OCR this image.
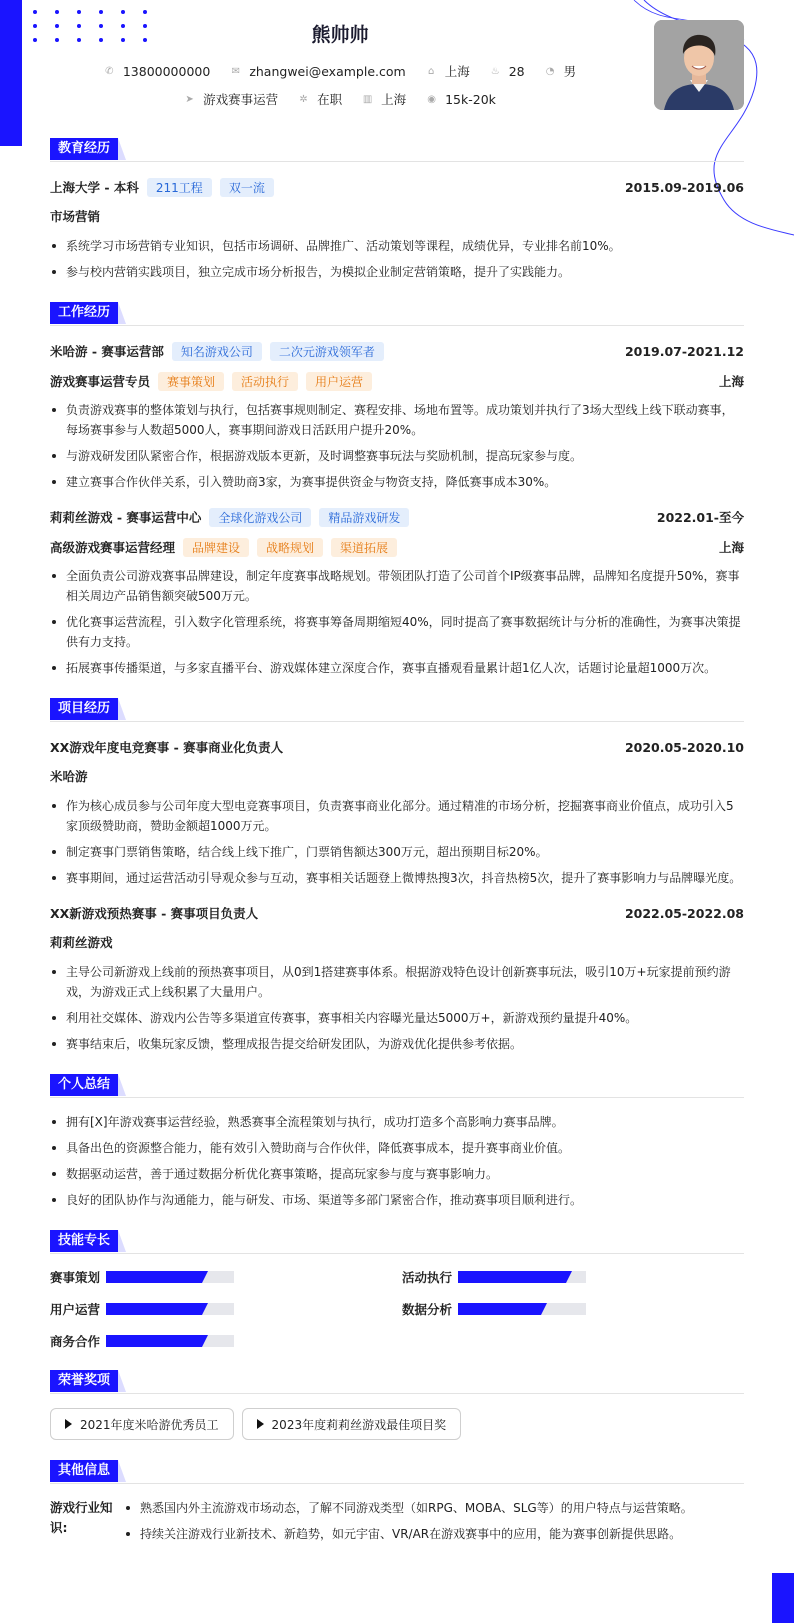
熊帅帅
✆ 13800000000 ✉ zhangwei@example.com ⌂ 上海 ♨ 28 ◔ 男
➤ 游戏赛事运营 ✲ 在职 ▥ 上海 ◉ 15k-20k
教育经历
上海大学 - 本科	211工程	双一流	2015.09-2019.06
市场营销
系统学习市场营销专业知识，包括市场调研、品牌推广、活动策划等课程，成绩优异，专业排名前10%。
参与校内营销实践项目，独立完成市场分析报告，为模拟企业制定营销策略，提升了实践能力。
工作经历
米哈游 - 赛事运营部	知名游戏公司	二次元游戏领军者	2019.07-2021.12
游戏赛事运营专员	赛事策划	活动执行	用户运营	上海
负责游戏赛事的整体策划与执行，包括赛事规则制定、赛程安排、场地布置等。成功策划并执行了3场大型线上线下联动赛事，每场赛事参与人数超5000人，赛事期间游戏日活跃用户提升20%。
与游戏研发团队紧密合作，根据游戏版本更新，及时调整赛事玩法与奖励机制，提高玩家参与度。
建立赛事合作伙伴关系，引入赞助商3家，为赛事提供资金与物资支持，降低赛事成本30%。
莉莉丝游戏 - 赛事运营中心	全球化游戏公司	精品游戏研发	2022.01-至今
高级游戏赛事运营经理	品牌建设	战略规划	渠道拓展	上海
全面负责公司游戏赛事品牌建设，制定年度赛事战略规划。带领团队打造了公司首个IP级赛事品牌，品牌知名度提升50%，赛事相关周边产品销售额突破500万元。
优化赛事运营流程，引入数字化管理系统，将赛事筹备周期缩短40%，同时提高了赛事数据统计与分析的准确性，为赛事决策提供有力支持。
拓展赛事传播渠道，与多家直播平台、游戏媒体建立深度合作，赛事直播观看量累计超1亿人次，话题讨论量超1000万次。
项目经历
XX游戏年度电竞赛事 - 赛事商业化负责人	2020.05-2020.10
米哈游
作为核心成员参与公司年度大型电竞赛事项目，负责赛事商业化部分。通过精准的市场分析，挖掘赛事商业价值点，成功引入5家顶级赞助商，赞助金额超1000万元。
制定赛事门票销售策略，结合线上线下推广，门票销售额达300万元，超出预期目标20%。
赛事期间，通过运营活动引导观众参与互动，赛事相关话题登上微博热搜3次，抖音热榜5次，提升了赛事影响力与品牌曝光度。
XX新游戏预热赛事 - 赛事项目负责人	2022.05-2022.08
莉莉丝游戏
主导公司新游戏上线前的预热赛事项目，从0到1搭建赛事体系。根据游戏特色设计创新赛事玩法，吸引10万+玩家提前预约游戏，为游戏正式上线积累了大量用户。
利用社交媒体、游戏内公告等多渠道宣传赛事，赛事相关内容曝光量达5000万+，新游戏预约量提升40%。
赛事结束后，收集玩家反馈，整理成报告提交给研发团队，为游戏优化提供参考依据。
个人总结
拥有[X]年游戏赛事运营经验，熟悉赛事全流程策划与执行，成功打造多个高影响力赛事品牌。
具备出色的资源整合能力，能有效引入赞助商与合作伙伴，降低赛事成本，提升赛事商业价值。
数据驱动运营，善于通过数据分析优化赛事策略，提高玩家参与度与赛事影响力。
良好的团队协作与沟通能力，能与研发、市场、渠道等多部门紧密合作，推动赛事项目顺利进行。
技能专长
赛事策划	活动执行
用户运营	数据分析
商务合作
荣誉奖项
2021年度米哈游优秀员工	2023年度莉莉丝游戏最佳项目奖
其他信息
游戏行业知识:
熟悉国内外主流游戏市场动态，了解不同游戏类型（如RPG、MOBA、SLG等）的用户特点与运营策略。
持续关注游戏行业新技术、新趋势，如元宇宙、VR/AR在游戏赛事中的应用，能为赛事创新提供思路。
